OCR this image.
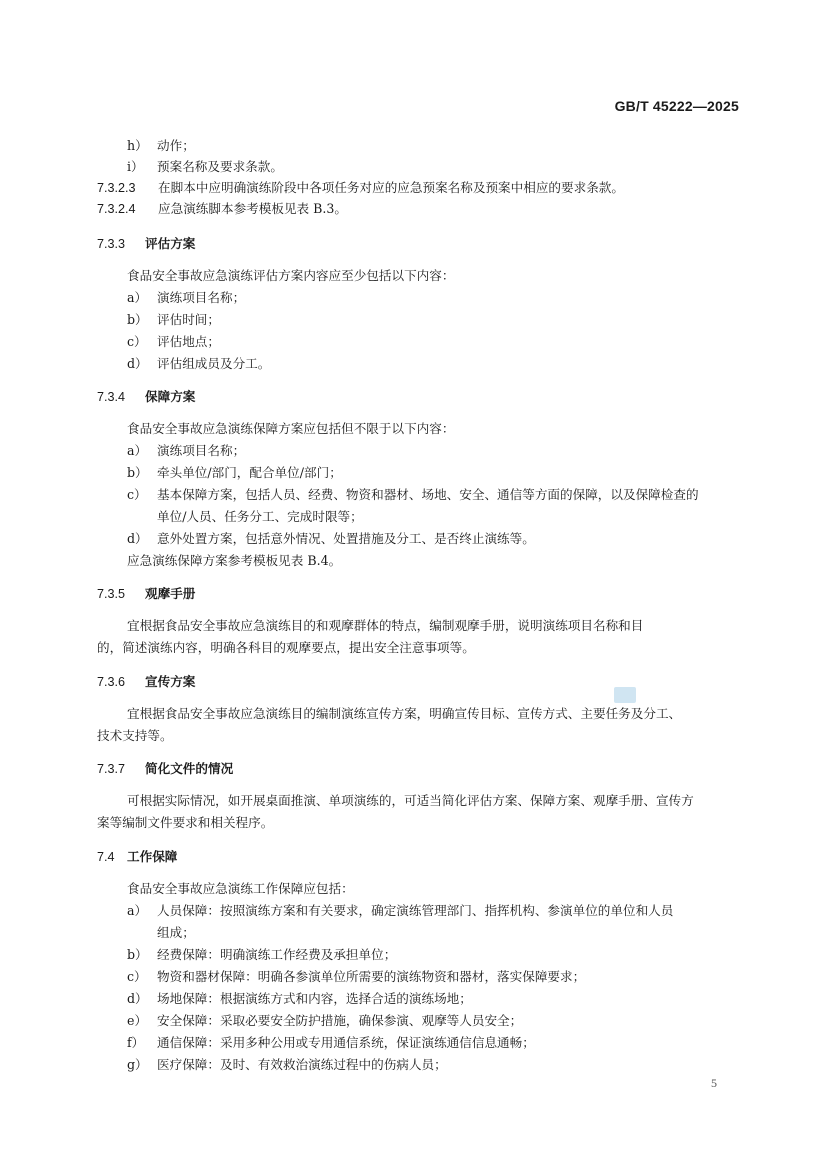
GB/T 45222—2025
h） 动作；
i） 预案名称及要求条款。
7.3.2.3 在脚本中应明确演练阶段中各项任务对应的应急预案名称及预案中相应的要求条款。
7.3.2.4 应急演练脚本参考模板见表 B.3。
7.3.3 评估方案
食品安全事故应急演练评估方案内容应至少包括以下内容：
a） 演练项目名称；
b） 评估时间；
c） 评估地点；
d） 评估组成员及分工。
7.3.4 保障方案
食品安全事故应急演练保障方案应包括但不限于以下内容：
a） 演练项目名称；
b） 牵头单位/部门，配合单位/部门；
c） 基本保障方案，包括人员、经费、物资和器材、场地、安全、通信等方面的保障，以及保障检查的
单位/人员、任务分工、完成时限等；
d） 意外处置方案，包括意外情况、处置措施及分工、是否终止演练等。
应急演练保障方案参考模板见表 B.4。
7.3.5 观摩手册
宜根据食品安全事故应急演练目的和观摩群体的特点，编制观摩手册，说明演练项目名称和目
的，简述演练内容，明确各科目的观摩要点，提出安全注意事项等。
7.3.6 宣传方案
宜根据食品安全事故应急演练目的编制演练宣传方案，明确宣传目标、宣传方式、主要任务及分工、
技术支持等。
7.3.7 简化文件的情况
可根据实际情况，如开展桌面推演、单项演练的，可适当简化评估方案、保障方案、观摩手册、宣传方
案等编制文件要求和相关程序。
7.4 工作保障
食品安全事故应急演练工作保障应包括：
a） 人员保障：按照演练方案和有关要求，确定演练管理部门、指挥机构、参演单位的单位和人员
组成；
b） 经费保障：明确演练工作经费及承担单位；
c） 物资和器材保障：明确各参演单位所需要的演练物资和器材，落实保障要求；
d） 场地保障：根据演练方式和内容，选择合适的演练场地；
e） 安全保障：采取必要安全防护措施，确保参演、观摩等人员安全；
f） 通信保障：采用多种公用或专用通信系统，保证演练通信信息通畅；
g） 医疗保障：及时、有效救治演练过程中的伤病人员；
5
